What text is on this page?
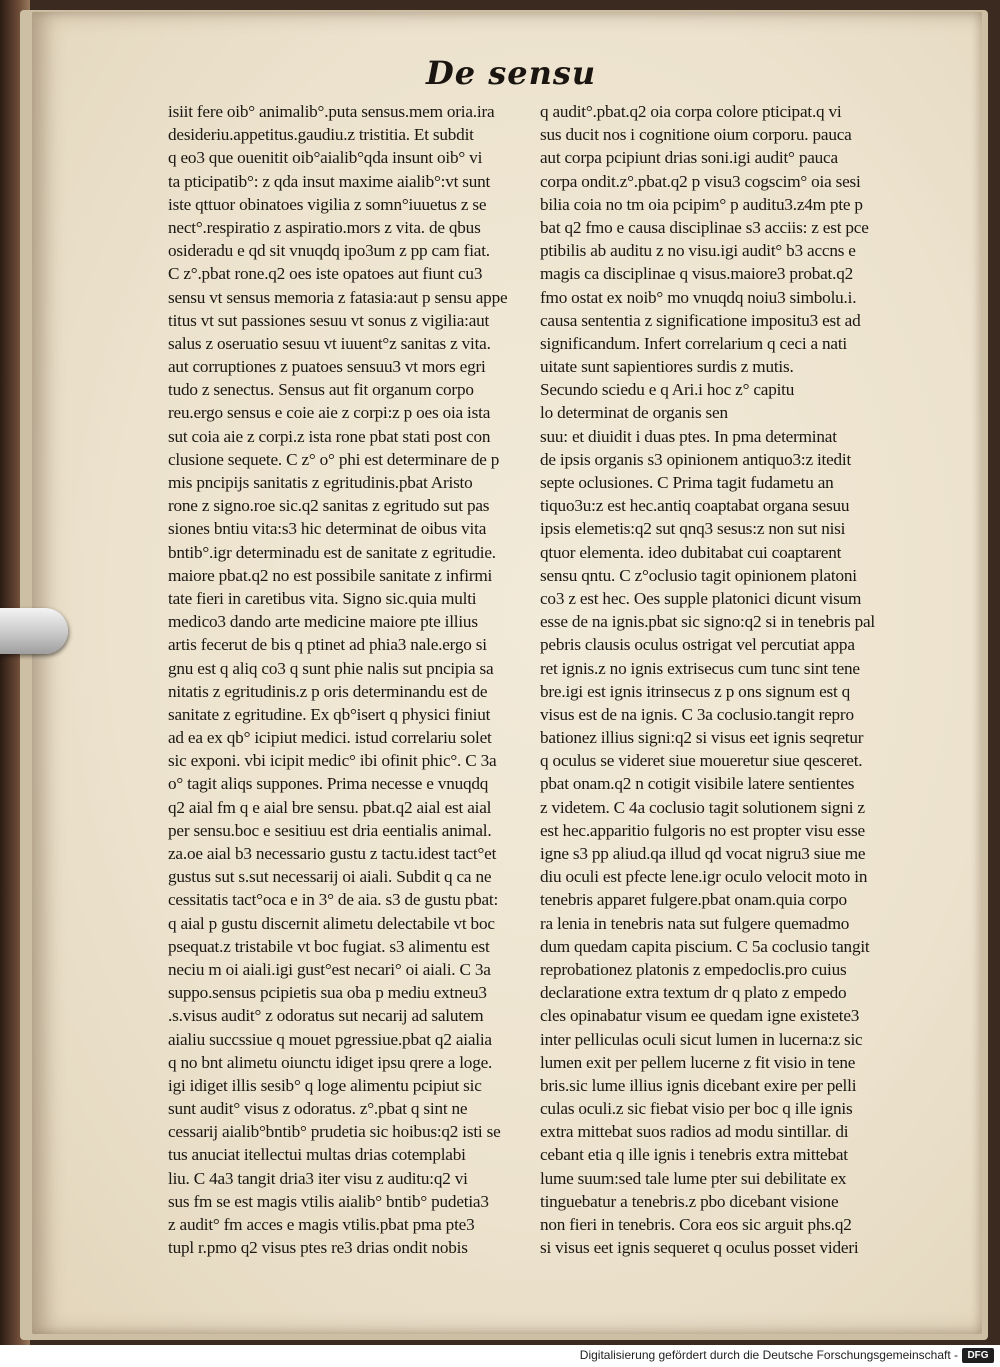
De sensu
isiit fere oib° animalib°.puta sensus.mem oria.ira
desideriu.appetitus.gaudiu.z tristitia. Et subdit
q eo3 que ouenitit oib°aialib°qda insunt oib° vi
ta pticipatib°: z qda insut maxime aialib°:vt sunt
iste qttuor obinatoes vigilia z somn°iuuetus z se
nect°.respiratio z aspiratio.mors z vita. de qbus
osideradu e qd sit vnuqdq ipo3um z pp cam fiat.
C z°.pbat rone.q2 oes iste opatoes aut fiunt cu3
sensu vt sensus memoria z fatasia:aut p sensu appe
titus vt sut passiones sesuu vt sonus z vigilia:aut
salus z oseruatio sesuu vt iuuent°z sanitas z vita.
aut corruptiones z puatoes sensuu3 vt mors egri
tudo z senectus. Sensus aut fit organum corpo
reu.ergo sensus e coie aie z corpi:z p oes oia ista
sut coia aie z corpi.z ista rone pbat stati post con
clusione sequete. C z° o° phi est determinare de p
mis pncipijs sanitatis z egritudinis.pbat Aristo
rone z signo.roe sic.q2 sanitas z egritudo sut pas
siones bntiu vita:s3 hic determinat de oibus vita
bntib°.igr determinadu est de sanitate z egritudie.
maiore pbat.q2 no est possibile sanitate z infirmi
tate fieri in caretibus vita. Signo sic.quia multi
medico3 dando arte medicine maiore pte illius
artis fecerut de bis q ptinet ad phia3 nale.ergo si
gnu est q aliq co3 q sunt phie nalis sut pncipia sa
nitatis z egritudinis.z p oris determinandu est de
sanitate z egritudine. Ex qb°isert q physici finiut
ad ea ex qb° icipiut medici. istud correlariu solet
sic exponi. vbi icipit medic° ibi ofinit phic°. C 3a
o° tagit aliqs suppones. Prima necesse e vnuqdq
q2 aial fm q e aial bre sensu. pbat.q2 aial est aial
per sensu.boc e sesitiuu est dria eentialis animal.
za.oe aial b3 necessario gustu z tactu.idest tact°et
gustus sut s.sut necessarij oi aiali. Subdit q ca ne
cessitatis tact°oca e in 3° de aia. s3 de gustu pbat:
q aial p gustu discernit alimetu delectabile vt boc
psequat.z tristabile vt boc fugiat. s3 alimentu est
neciu m oi aiali.igi gust°est necari° oi aiali. C 3a
suppo.sensus pcipietis sua oba p mediu extneu3
.s.visus audit° z odoratus sut necarij ad salutem
aialiu succssiue q mouet pgressiue.pbat q2 aialia
q no bnt alimetu oiunctu idiget ipsu qrere a loge.
igi idiget illis sesib° q loge alimentu pcipiut sic
sunt audit° visus z odoratus. z°.pbat q sint ne
cessarij aialib°bntib° prudetia sic hoibus:q2 isti se
tus anuciat itellectui multas drias cotemplabi
liu. C 4a3 tangit dria3 iter visu z auditu:q2 vi
sus fm se est magis vtilis aialib° bntib° pudetia3
z audit° fm acces e magis vtilis.pbat pma pte3
tupl r.pmo q2 visus ptes re3 drias ondit nobis
q audit°.pbat.q2 oia corpa colore pticipat.q vi
sus ducit nos i cognitione oium corporu. pauca
aut corpa pcipiunt drias soni.igi audit° pauca
corpa ondit.z°.pbat.q2 p visu3 cogscim° oia sesi
bilia coia no tm oia pcipim° p auditu3.z4m pte p
bat q2 fmo e causa disciplinae s3 acciis: z est pce
ptibilis ab auditu z no visu.igi audit° b3 accns e
magis ca disciplinae q visus.maiore3 probat.q2
fmo ostat ex noib° mo vnuqdq noiu3 simbolu.i.
causa sententia z significatione impositu3 est ad
significandum. Infert correlarium q ceci a nati
uitate sunt sapientiores surdis z mutis.
Secundo sciedu e q Ari.i hoc z° capitu
lo determinat de organis sen
suu: et diuidit i duas ptes. In pma determinat
de ipsis organis s3 opinionem antiquo3:z itedit
septe oclusiones. C Prima tagit fudametu an
tiquo3u:z est hec.antiq coaptabat organa sesuu
ipsis elemetis:q2 sut qnq3 sesus:z non sut nisi
qtuor elementa. ideo dubitabat cui coaptarent
sensu qntu. C z°oclusio tagit opinionem platoni
co3 z est hec. Oes supple platonici dicunt visum
esse de na ignis.pbat sic signo:q2 si in tenebris pal
pebris clausis oculus ostrigat vel percutiat appa
ret ignis.z no ignis extrisecus cum tunc sint tene
bre.igi est ignis itrinsecus z p ons signum est q
visus est de na ignis. C 3a coclusio.tangit repro
bationez illius signi:q2 si visus eet ignis seqretur
q oculus se videret siue moueretur siue qesceret.
pbat onam.q2 n cotigit visibile latere sentientes
z videtem. C 4a coclusio tagit solutionem signi z
est hec.apparitio fulgoris no est propter visu esse
igne s3 pp aliud.qa illud qd vocat nigru3 siue me
diu oculi est pfecte lene.igr oculo velocit moto in
tenebris apparet fulgere.pbat onam.quia corpo
ra lenia in tenebris nata sut fulgere quemadmo
dum quedam capita piscium. C 5a coclusio tangit
reprobationez platonis z empedoclis.pro cuius
declaratione extra textum dr q plato z empedo
cles opinabatur visum ee quedam igne existete3
inter pelliculas oculi sicut lumen in lucerna:z sic
lumen exit per pellem lucerne z fit visio in tene
bris.sic lume illius ignis dicebant exire per pelli
culas oculi.z sic fiebat visio per boc q ille ignis
extra mittebat suos radios ad modu sintillar. di
cebant etia q ille ignis i tenebris extra mittebat
lume suum:sed tale lume pter sui debilitate ex
tinguebatur a tenebris.z pbo dicebant visione
non fieri in tenebris. Cora eos sic arguit phs.q2
si visus eet ignis sequeret q oculus posset videri
Digitalisierung gefördert durch die Deutsche Forschungsgemeinschaft - DFG
